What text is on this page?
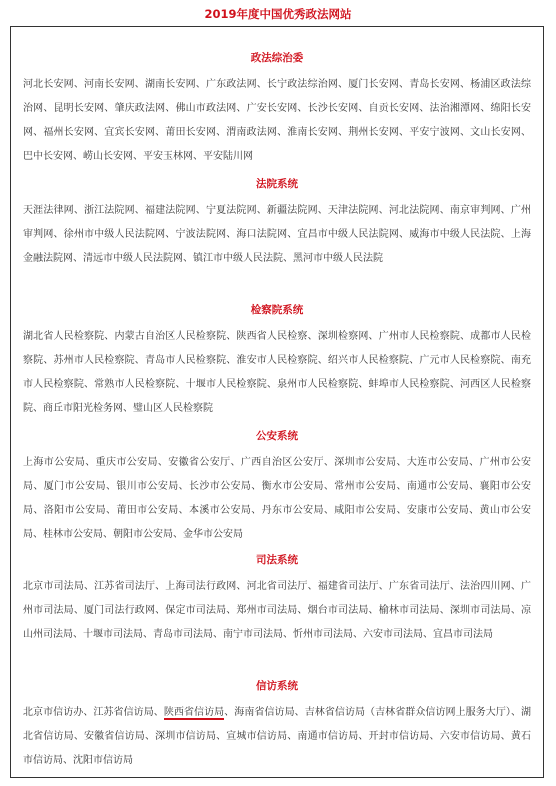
2019年度中国优秀政法网站
政法综治委
河北长安网、河南长安网、湖南长安网、广东政法网、长宁政法综治网、厦门长安网、青岛长安网、杨浦区政法综治网、昆明长安网、肇庆政法网、佛山市政法网、广安长安网、长沙长安网、自贡长安网、法治湘潭网、绵阳长安网、福州长安网、宜宾长安网、莆田长安网、渭南政法网、淮南长安网、荆州长安网、平安宁波网、文山长安网、巴中长安网、崂山长安网、平安玉林网、平安陆川网
法院系统
天涯法律网、浙江法院网、福建法院网、宁夏法院网、新疆法院网、天津法院网、河北法院网、南京审判网、广州审判网、徐州市中级人民法院网、宁波法院网、海口法院网、宜昌市中级人民法院网、威海市中级人民法院、上海金融法院网、清远市中级人民法院网、镇江市中级人民法院、黑河市中级人民法院
检察院系统
湖北省人民检察院、内蒙古自治区人民检察院、陕西省人民检察、深圳检察网、广州市人民检察院、成都市人民检察院、苏州市人民检察院、青岛市人民检察院、淮安市人民检察院、绍兴市人民检察院、广元市人民检察院、南充市人民检察院、常熟市人民检察院、十堰市人民检察院、泉州市人民检察院、蚌埠市人民检察院、河西区人民检察院、商丘市阳光检务网、璧山区人民检察院
公安系统
上海市公安局、重庆市公安局、安徽省公安厅、广西自治区公安厅、深圳市公安局、大连市公安局、广州市公安局、厦门市公安局、银川市公安局、长沙市公安局、衡水市公安局、常州市公安局、南通市公安局、襄阳市公安局、洛阳市公安局、莆田市公安局、本溪市公安局、丹东市公安局、咸阳市公安局、安康市公安局、黄山市公安局、桂林市公安局、朝阳市公安局、金华市公安局
司法系统
北京市司法局、江苏省司法厅、上海司法行政网、河北省司法厅、福建省司法厅、广东省司法厅、法治四川网、广州市司法局、厦门司法行政网、保定市司法局、郑州市司法局、烟台市司法局、榆林市司法局、深圳市司法局、凉山州司法局、十堰市司法局、青岛市司法局、南宁市司法局、忻州市司法局、六安市司法局、宜昌市司法局
信访系统
北京市信访办、江苏省信访局、陕西省信访局、海南省信访局、吉林省信访局（吉林省群众信访网上服务大厅）、湖北省信访局、安徽省信访局、深圳市信访局、宣城市信访局、南通市信访局、开封市信访局、六安市信访局、黄石市信访局、沈阳市信访局
